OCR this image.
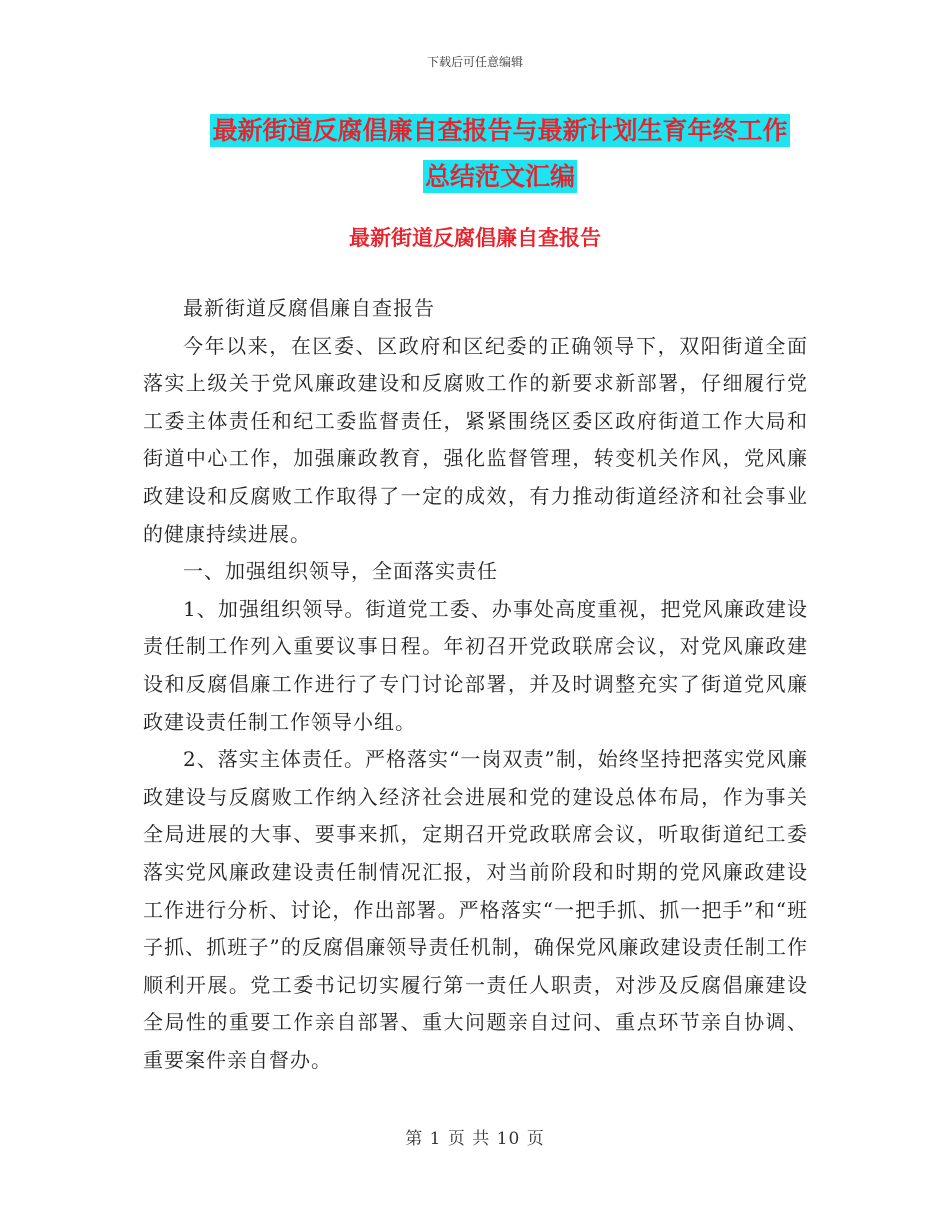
下载后可任意编辑
最新街道反腐倡廉自查报告与最新计划生育年终工作
总结范文汇编
最新街道反腐倡廉自查报告

最新街道反腐倡廉自查报告

今年以来，在区委、区政府和区纪委的正确领导下，双阳街道全面落实上级关于党风廉政建设和反腐败工作的新要求新部署，仔细履行党工委主体责任和纪工委监督责任，紧紧围绕区委区政府街道工作大局和街道中心工作，加强廉政教育，强化监督管理，转变机关作风，党风廉政建设和反腐败工作取得了一定的成效，有力推动街道经济和社会事业的健康持续进展。

一、加强组织领导，全面落实责任

1、加强组织领导。街道党工委、办事处高度重视，把党风廉政建设责任制工作列入重要议事日程。年初召开党政联席会议，对党风廉政建设和反腐倡廉工作进行了专门讨论部署，并及时调整充实了街道党风廉政建设责任制工作领导小组。

2、落实主体责任。严格落实“一岗双责”制，始终坚持把落实党风廉政建设与反腐败工作纳入经济社会进展和党的建设总体布局，作为事关全局进展的大事、要事来抓，定期召开党政联席会议，听取街道纪工委落实党风廉政建设责任制情况汇报，对当前阶段和时期的党风廉政建设工作进行分析、讨论，作出部署。严格落实“一把手抓、抓一把手”和“班子抓、抓班子”的反腐倡廉领导责任机制，确保党风廉政建设责任制工作顺利开展。党工委书记切实履行第一责任人职责，对涉及反腐倡廉建设全局性的重要工作亲自部署、重大问题亲自过问、重点环节亲自协调、重要案件亲自督办。

第 1 页 共 10 页
